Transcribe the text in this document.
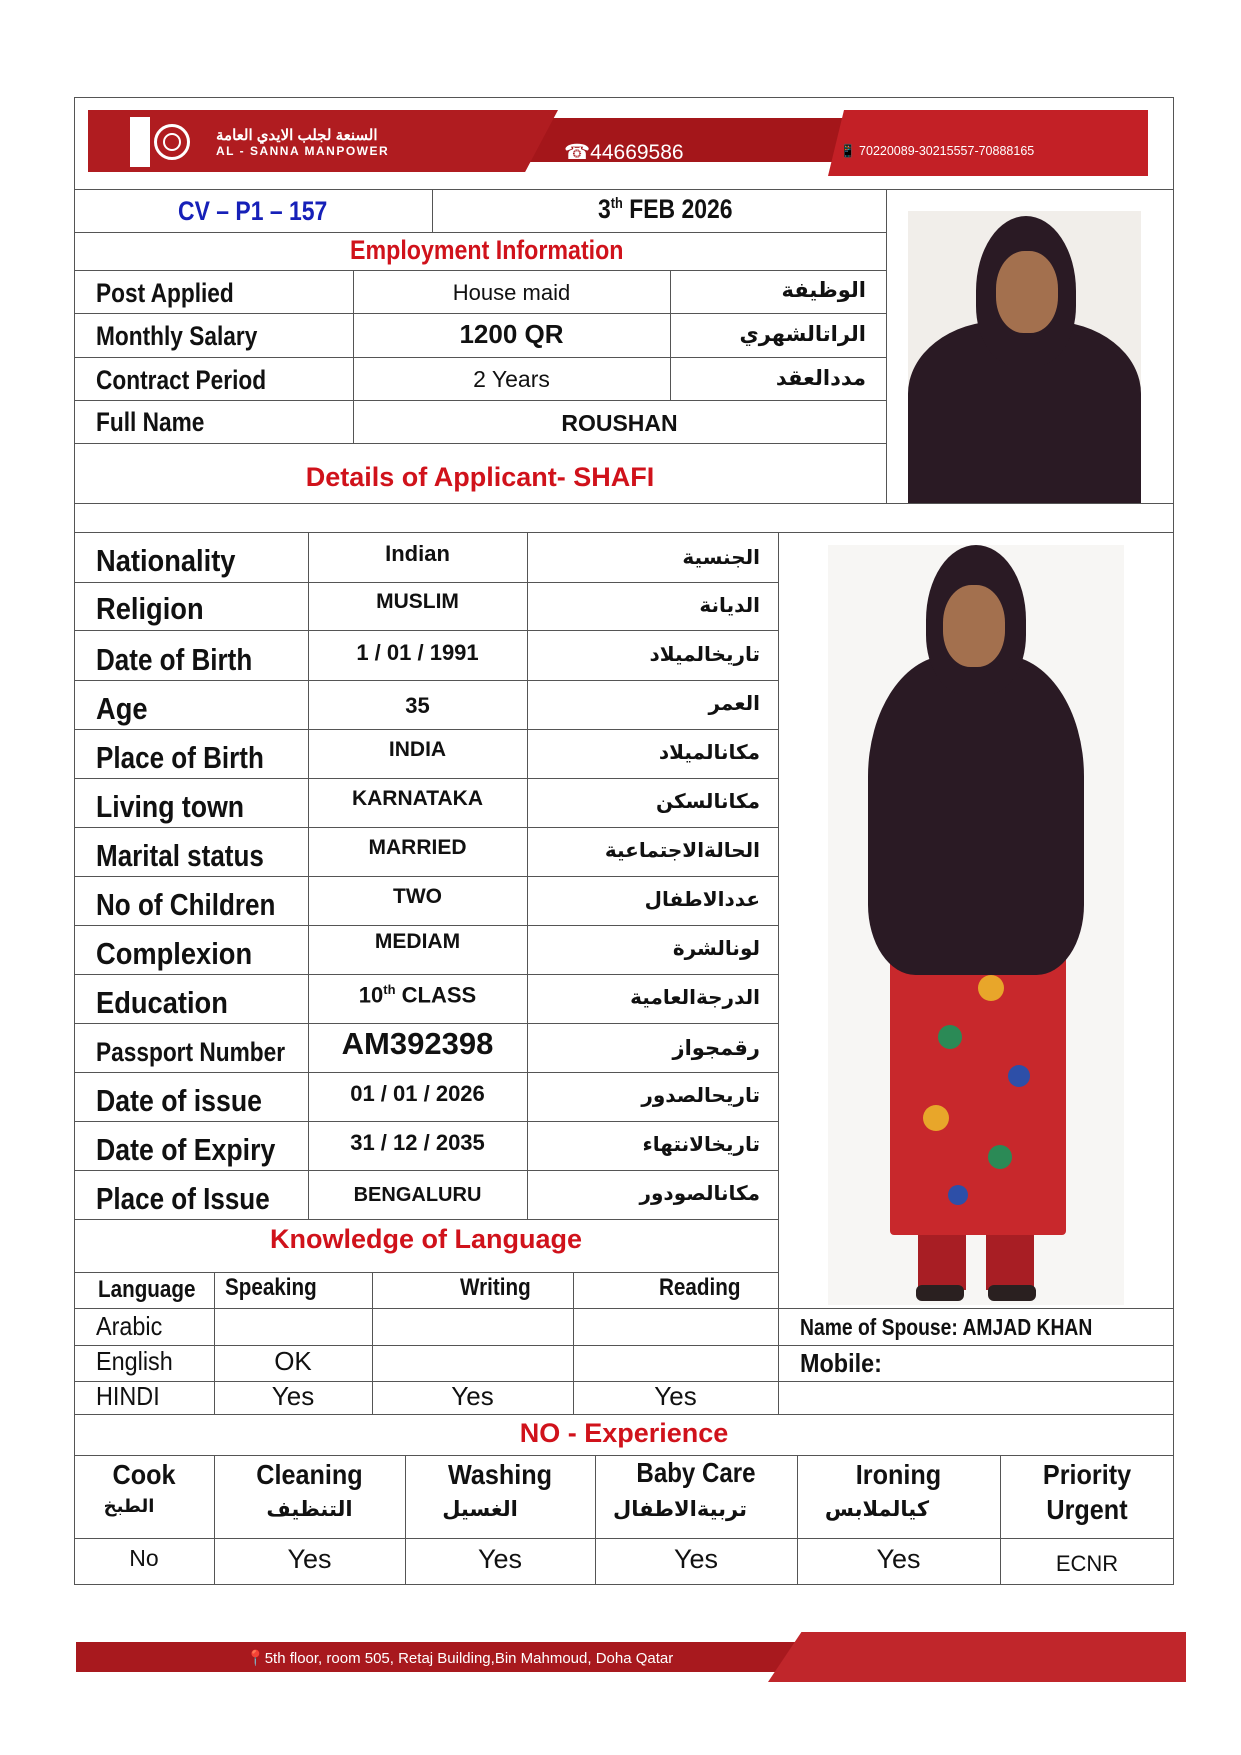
السنعة لجلب الايدي العامة
AL - SANNA MANPOWER	☎44669586	📱 70220089-30215557-70888165
CV – P1 – 157	3th FEB 2026
Employment Information
Post Applied	House maid	الوظيفة
Monthly Salary	1200 QR	الراتالشهري
Contract Period	2 Years	مددالعقد
Full Name	ROUSHAN
Details of Applicant- SHAFI
Nationality	Indian	الجنسية
Religion	MUSLIM	الديانة
Date of Birth	1 / 01 / 1991	تاريخالميلاد
Age	35	العمر
Place of Birth	INDIA	مكانالميلاد
Living town	KARNATAKA	مكانالسكن
Marital status	MARRIED	الحالةالاجتماعية
No of Children	TWO	عددالاطفال
Complexion	MEDIAM	لونالشرة
Education	10th CLASS	الدرجةالعامية
Passport Number	AM392398	رقمجواز
Date of issue	01 / 01 / 2026	تاريحالصدور
Date of Expiry	31 / 12 / 2035	تاريخالانتهاء
Place of Issue	BENGALURU	مكانالصودور
Knowledge of Language
Language Speaking	Writing	Reading
Arabic
English	OK
HINDI	Yes	Yes	Yes
Name of Spouse: AMJAD KHAN
Mobile:
NO - Experience
Cook	Cleaning	Washing	Baby Care	Ironing	Priority
الطبخ	التنظيف	الغسيل	تربيةالاطفال	كيالملابس	Urgent
No	Yes	Yes	Yes	Yes	ECNR
📍5th floor, room 505, Retaj Building,Bin Mahmoud, Doha Qatar
